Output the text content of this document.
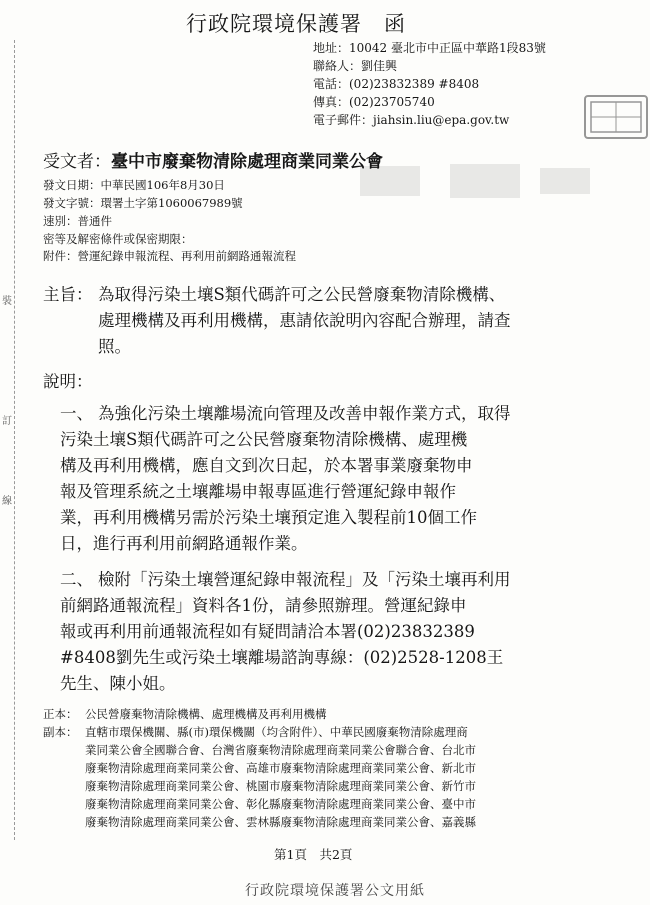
裝
訂
線
行政院環境保護署　函
地址：10042 臺北市中正區中華路1段83號
聯絡人：劉佳興
電話：(02)23832389 #8408
傳真：(02)23705740
電子郵件：jiahsin.liu@epa.gov.tw
受文者：臺中市廢棄物清除處理商業同業公會
發文日期：中華民國106年8月30日
發文字號：環署土字第1060067989號
速別：普通件
密等及解密條件或保密期限：
附件：營運紀錄申報流程、再利用前網路通報流程
主旨： 為取得污染土壤S類代碼許可之公民營廢棄物清除機構、
處理機構及再利用機構，惠請依說明內容配合辦理，請查
照。
說明：
一、 為強化污染土壤離場流向管理及改善申報作業方式，取得
污染土壤S類代碼許可之公民營廢棄物清除機構、處理機
構及再利用機構，應自文到次日起，於本署事業廢棄物申
報及管理系統之土壤離場申報專區進行營運紀錄申報作
業，再利用機構另需於污染土壤預定進入製程前10個工作
日，進行再利用前網路通報作業。
二、 檢附「污染土壤營運紀錄申報流程」及「污染土壤再利用
前網路通報流程」資料各1份，請參照辦理。營運紀錄申
報或再利用前通報流程如有疑問請洽本署(02)23832389
#8408劉先生或污染土壤離場諮詢專線：(02)2528-1208王
先生、陳小姐。
正本： 公民營廢棄物清除機構、處理機構及再利用機構
副本： 直轄市環保機關、縣(市)環保機關（均含附件）、中華民國廢棄物清除處理商
業同業公會全國聯合會、台灣省廢棄物清除處理商業同業公會聯合會、台北市
廢棄物清除處理商業同業公會、高雄市廢棄物清除處理商業同業公會、新北市
廢棄物清除處理商業同業公會、桃園市廢棄物清除處理商業同業公會、新竹市
廢棄物清除處理商業同業公會、彰化縣廢棄物清除處理商業同業公會、臺中市
廢棄物清除處理商業同業公會、雲林縣廢棄物清除處理商業同業公會、嘉義縣
第1頁　共2頁
行政院環境保護署公文用紙
